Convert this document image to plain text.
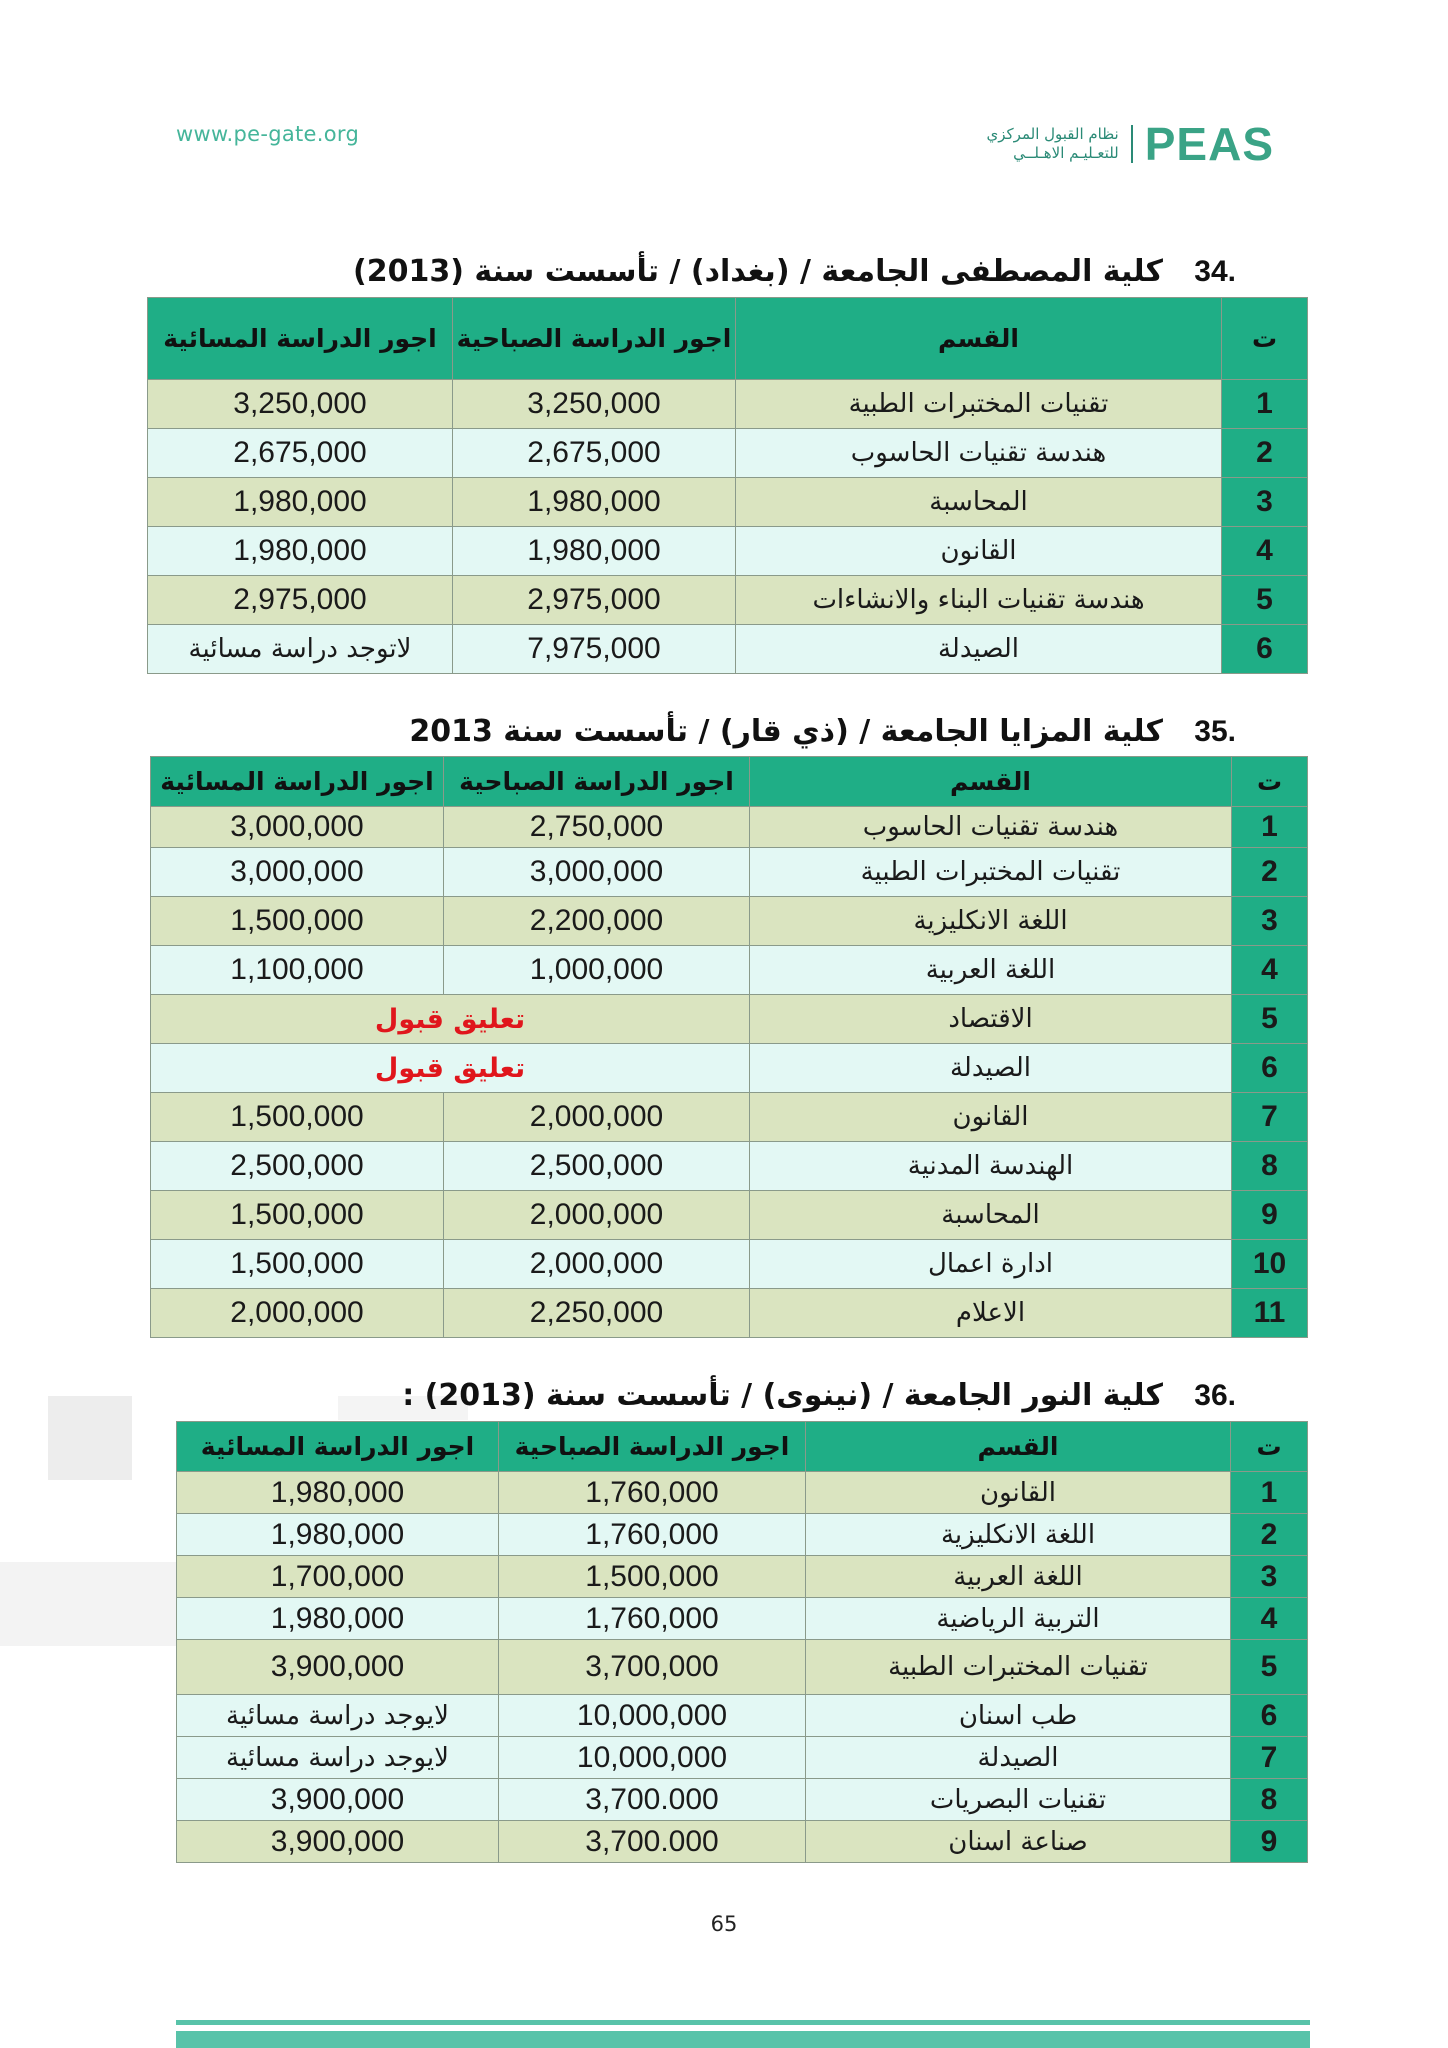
www.pe-gate.org	نظام القبول المركزي
للتعـليـم الاهـلــي PEAS
.34   كلية المصطفى الجامعة / (بغداد) / تأسست سنة (2013)
ت	القسم	اجور الدراسة الصباحية	اجور الدراسة المسائية
1	تقنيات المختبرات الطبية	3,250,000	3,250,000
2	هندسة تقنيات الحاسوب	2,675,000	2,675,000
3	المحاسبة	1,980,000	1,980,000
4	القانون	1,980,000	1,980,000
5	هندسة تقنيات البناء والانشاءات	2,975,000	2,975,000
6	الصيدلة	7,975,000	لاتوجد دراسة مسائية
.35   كلية المزايا الجامعة / (ذي قار) / تأسست سنة 2013
ت	القسم	اجور الدراسة الصباحية	اجور الدراسة المسائية
1	هندسة تقنيات الحاسوب	2,750,000	3,000,000
2	تقنيات المختبرات الطبية	3,000,000	3,000,000
3	اللغة الانكليزية	2,200,000	1,500,000
4	اللغة العربية	1,000,000	1,100,000
5	الاقتصاد	تعليق قبول	
6	الصيدلة	تعليق قبول	
7	القانون	2,000,000	1,500,000
8	الهندسة المدنية	2,500,000	2,500,000
9	المحاسبة	2,000,000	1,500,000
10	ادارة اعمال	2,000,000	1,500,000
11	الاعلام	2,250,000	2,000,000
.36   كلية النور الجامعة / (نينوى) / تأسست سنة (2013) :
ت	القسم	اجور الدراسة الصباحية	اجور الدراسة المسائية
1	القانون	1,760,000	1,980,000
2	اللغة الانكليزية	1,760,000	1,980,000
3	اللغة العربية	1,500,000	1,700,000
4	التربية الرياضية	1,760,000	1,980,000
5	تقنيات المختبرات الطبية	3,700,000	3,900,000
6	طب اسنان	10,000,000	لايوجد دراسة مسائية
7	الصيدلة	10,000,000	لايوجد دراسة مسائية
8	تقنيات البصريات	3,700.000	3,900,000
9	صناعة اسنان	3,700.000	3,900,000
65
